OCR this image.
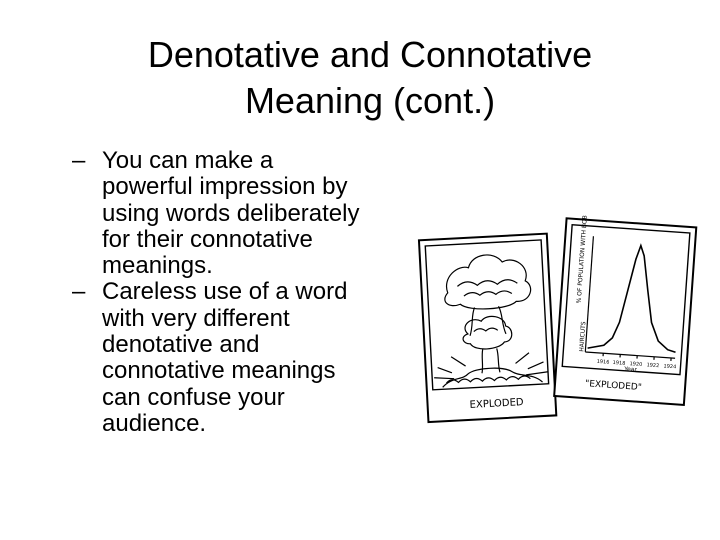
Denotative and Connotative
Meaning (cont.)
– You can make a
powerful impression by
using words deliberately
for their connotative
meanings.
– Careless use of a word
with very different
denotative and
connotative meanings
can confuse your
audience.
EXPLODED
% OF POPULATION WITH BOB
HAIRCUTS
1916 1918 1920 1922 1924
Year
"EXPLODED"
